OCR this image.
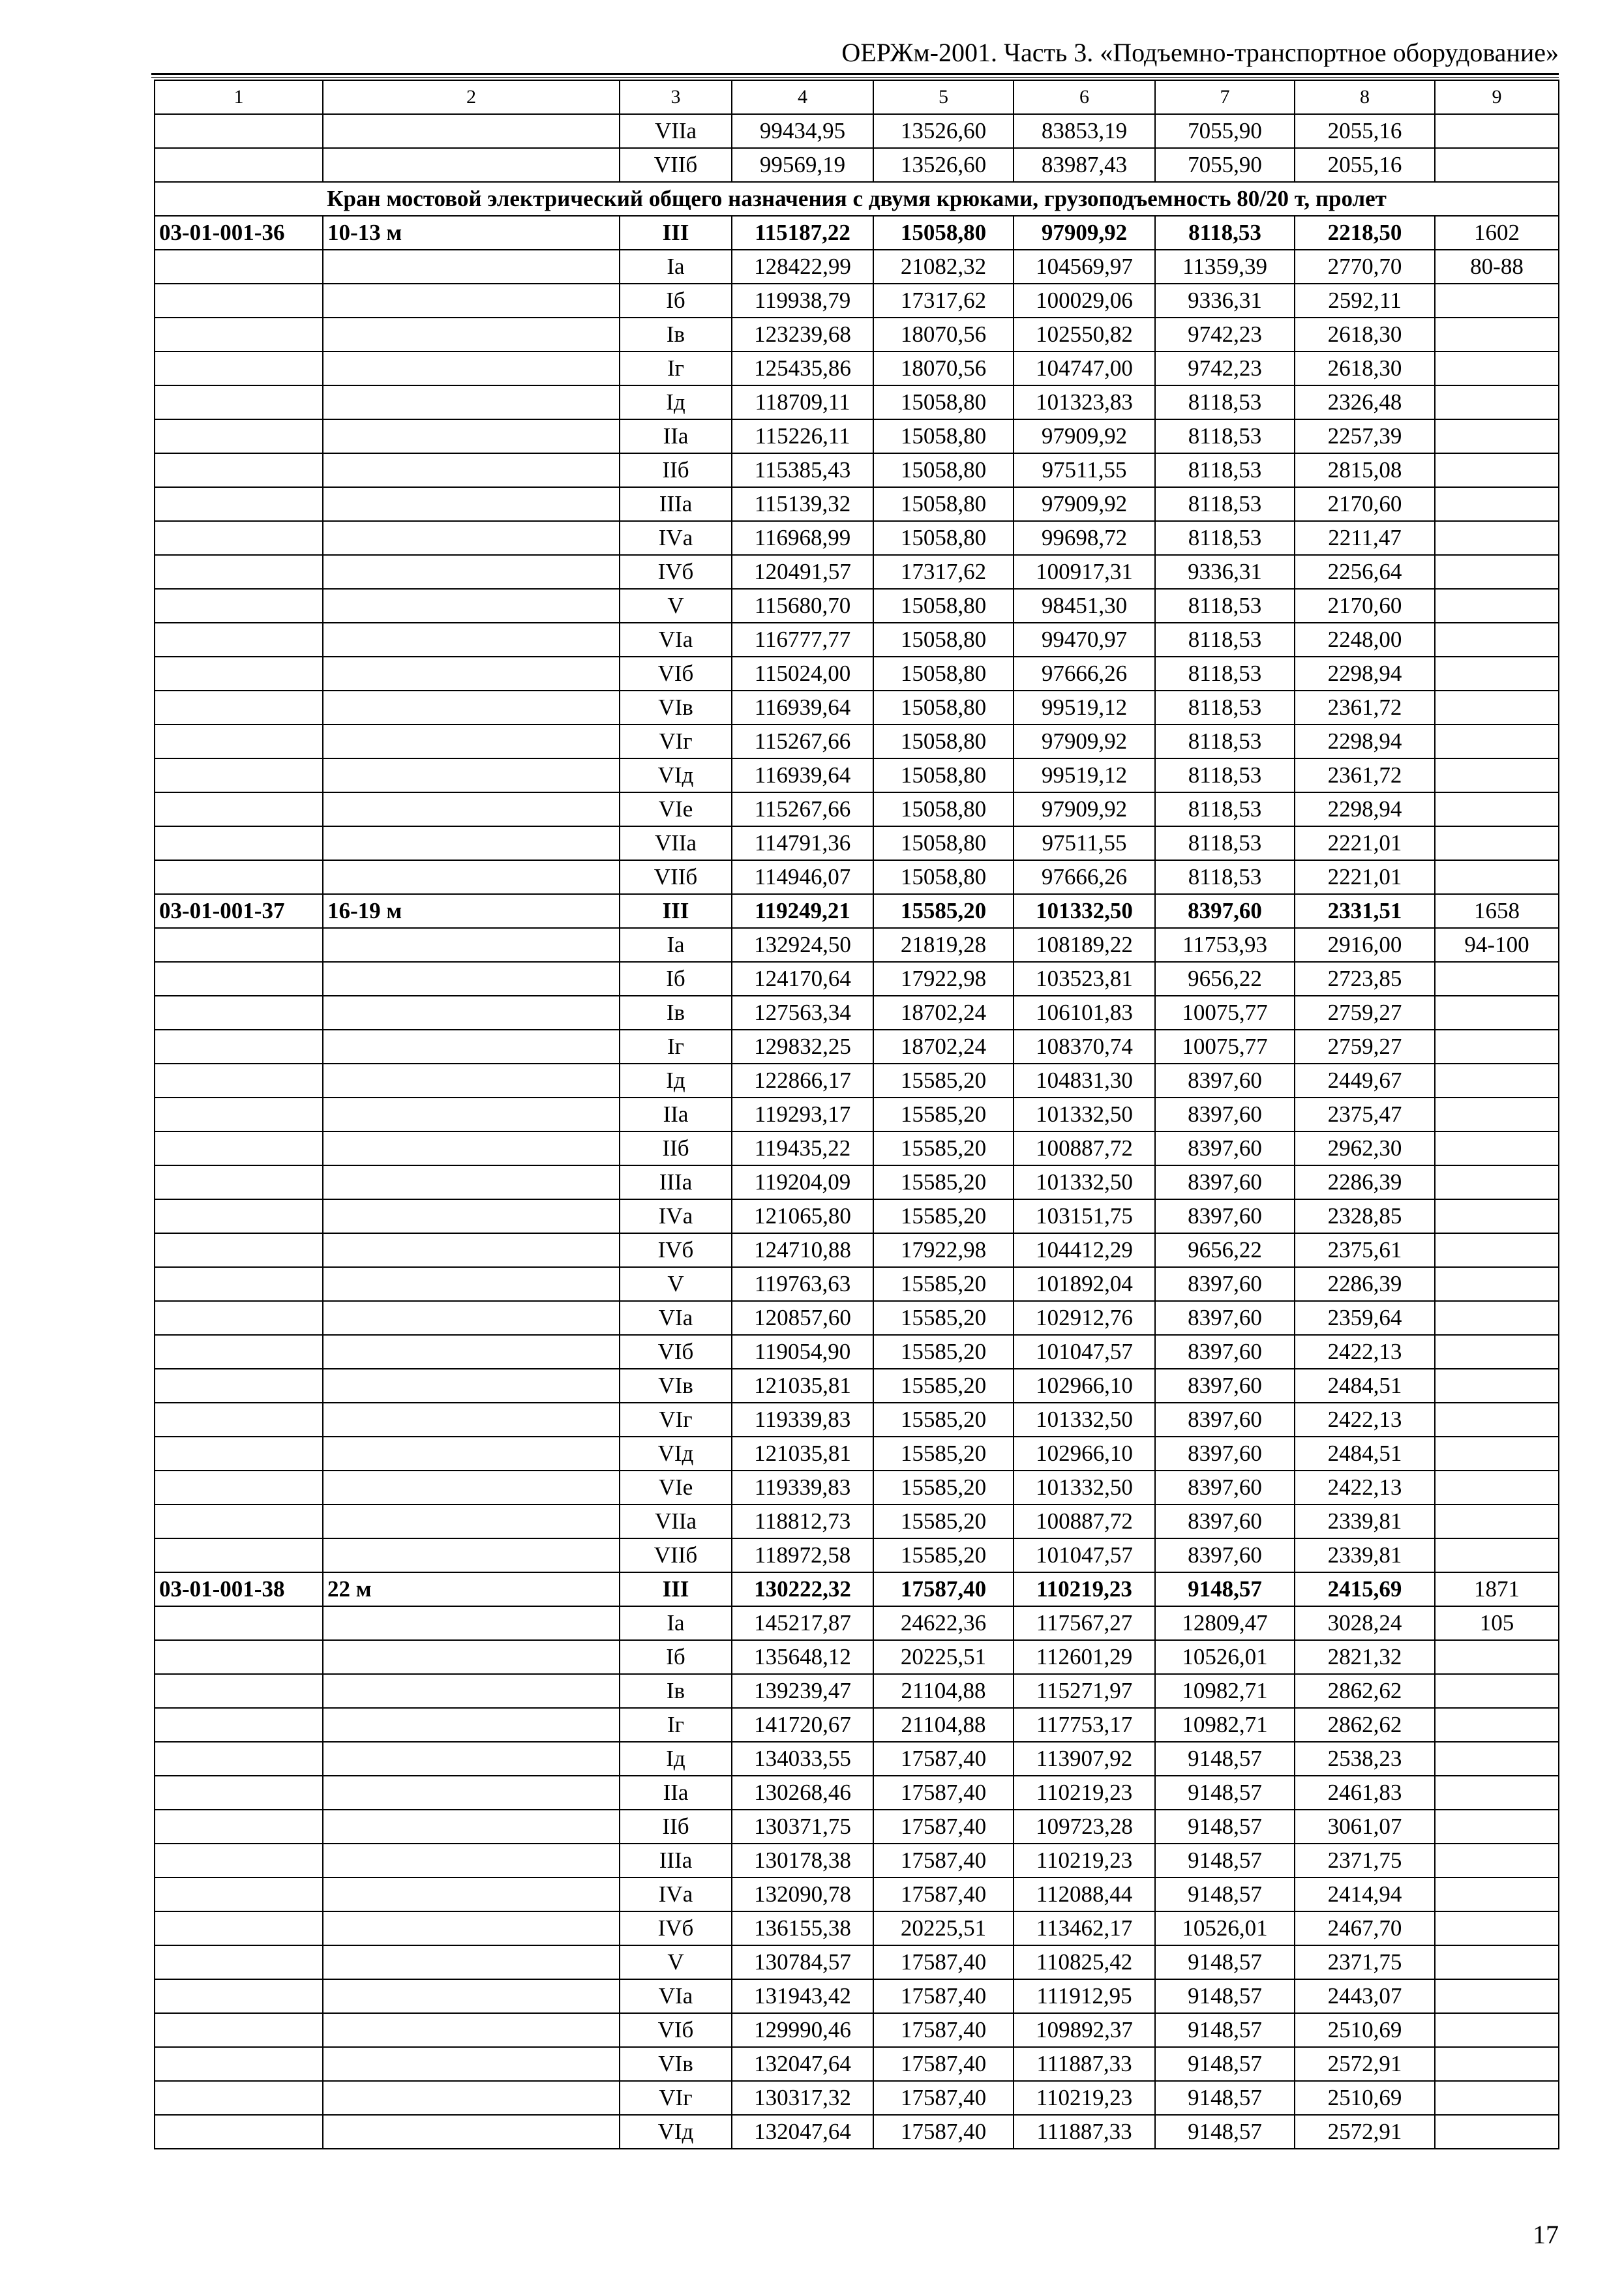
ОЕРЖм-2001. Часть 3. «Подъемно-транспортное оборудование»
1	2	3	4	5	6	7	8	9
		VIIа	99434,95	13526,60	83853,19	7055,90	2055,16	
		VIIб	99569,19	13526,60	83987,43	7055,90	2055,16	
Кран мостовой электрический общего назначения с двумя крюками, грузоподъемность 80/20 т, пролет								
03-01-001-36	10-13 м	III	115187,22	15058,80	97909,92	8118,53	2218,50	1602
		Iа	128422,99	21082,32	104569,97	11359,39	2770,70	80-88
		Iб	119938,79	17317,62	100029,06	9336,31	2592,11	
		Iв	123239,68	18070,56	102550,82	9742,23	2618,30	
		Iг	125435,86	18070,56	104747,00	9742,23	2618,30	
		Iд	118709,11	15058,80	101323,83	8118,53	2326,48	
		IIа	115226,11	15058,80	97909,92	8118,53	2257,39	
		IIб	115385,43	15058,80	97511,55	8118,53	2815,08	
		IIIа	115139,32	15058,80	97909,92	8118,53	2170,60	
		IVа	116968,99	15058,80	99698,72	8118,53	2211,47	
		IVб	120491,57	17317,62	100917,31	9336,31	2256,64	
		V	115680,70	15058,80	98451,30	8118,53	2170,60	
		VIа	116777,77	15058,80	99470,97	8118,53	2248,00	
		VIб	115024,00	15058,80	97666,26	8118,53	2298,94	
		VIв	116939,64	15058,80	99519,12	8118,53	2361,72	
		VIг	115267,66	15058,80	97909,92	8118,53	2298,94	
		VIд	116939,64	15058,80	99519,12	8118,53	2361,72	
		VIе	115267,66	15058,80	97909,92	8118,53	2298,94	
		VIIа	114791,36	15058,80	97511,55	8118,53	2221,01	
		VIIб	114946,07	15058,80	97666,26	8118,53	2221,01	
03-01-001-37	16-19 м	III	119249,21	15585,20	101332,50	8397,60	2331,51	1658
		Iа	132924,50	21819,28	108189,22	11753,93	2916,00	94-100
		Iб	124170,64	17922,98	103523,81	9656,22	2723,85	
		Iв	127563,34	18702,24	106101,83	10075,77	2759,27	
		Iг	129832,25	18702,24	108370,74	10075,77	2759,27	
		Iд	122866,17	15585,20	104831,30	8397,60	2449,67	
		IIа	119293,17	15585,20	101332,50	8397,60	2375,47	
		IIб	119435,22	15585,20	100887,72	8397,60	2962,30	
		IIIа	119204,09	15585,20	101332,50	8397,60	2286,39	
		IVа	121065,80	15585,20	103151,75	8397,60	2328,85	
		IVб	124710,88	17922,98	104412,29	9656,22	2375,61	
		V	119763,63	15585,20	101892,04	8397,60	2286,39	
		VIа	120857,60	15585,20	102912,76	8397,60	2359,64	
		VIб	119054,90	15585,20	101047,57	8397,60	2422,13	
		VIв	121035,81	15585,20	102966,10	8397,60	2484,51	
		VIг	119339,83	15585,20	101332,50	8397,60	2422,13	
		VIд	121035,81	15585,20	102966,10	8397,60	2484,51	
		VIе	119339,83	15585,20	101332,50	8397,60	2422,13	
		VIIа	118812,73	15585,20	100887,72	8397,60	2339,81	
		VIIб	118972,58	15585,20	101047,57	8397,60	2339,81	
03-01-001-38	22 м	III	130222,32	17587,40	110219,23	9148,57	2415,69	1871
		Iа	145217,87	24622,36	117567,27	12809,47	3028,24	105
		Iб	135648,12	20225,51	112601,29	10526,01	2821,32	
		Iв	139239,47	21104,88	115271,97	10982,71	2862,62	
		Iг	141720,67	21104,88	117753,17	10982,71	2862,62	
		Iд	134033,55	17587,40	113907,92	9148,57	2538,23	
		IIа	130268,46	17587,40	110219,23	9148,57	2461,83	
		IIб	130371,75	17587,40	109723,28	9148,57	3061,07	
		IIIа	130178,38	17587,40	110219,23	9148,57	2371,75	
		IVа	132090,78	17587,40	112088,44	9148,57	2414,94	
		IVб	136155,38	20225,51	113462,17	10526,01	2467,70	
		V	130784,57	17587,40	110825,42	9148,57	2371,75	
		VIа	131943,42	17587,40	111912,95	9148,57	2443,07	
		VIб	129990,46	17587,40	109892,37	9148,57	2510,69	
		VIв	132047,64	17587,40	111887,33	9148,57	2572,91	
		VIг	130317,32	17587,40	110219,23	9148,57	2510,69	
		VIд	132047,64	17587,40	111887,33	9148,57	2572,91	
17
